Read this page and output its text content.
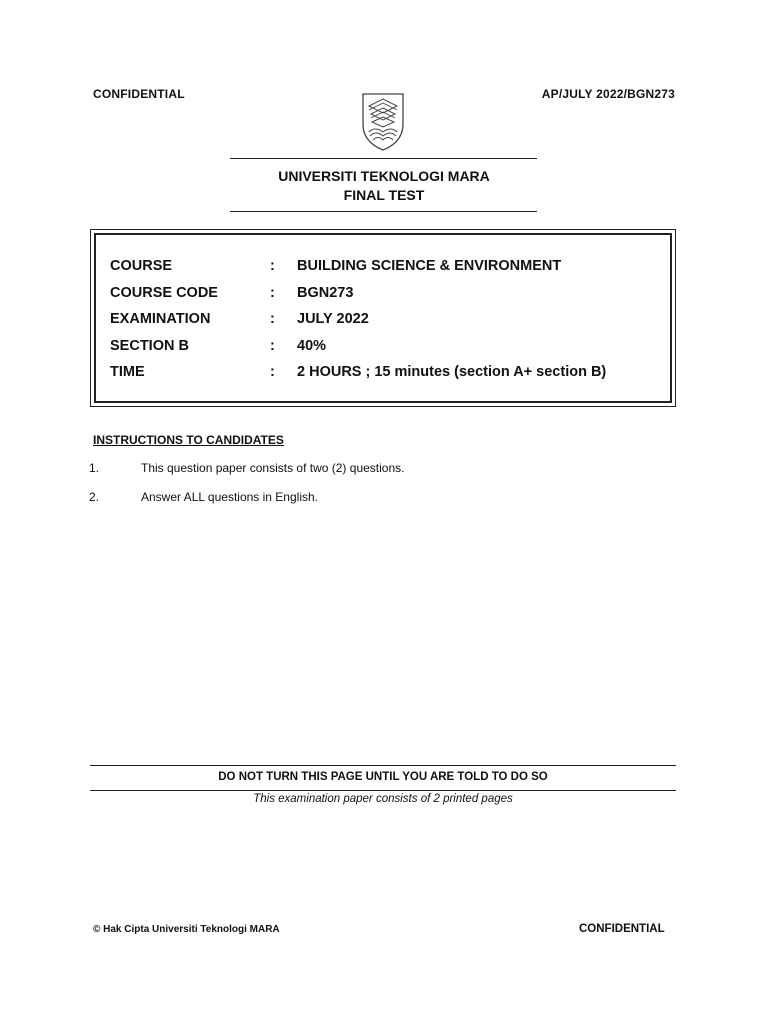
CONFIDENTIAL	AP/JULY 2022/BGN273
UNIVERSITI TEKNOLOGI MARA
FINAL TEST
COURSE	: BUILDING SCIENCE & ENVIRONMENT
COURSE CODE	: BGN273
EXAMINATION	: JULY 2022
SECTION B	: 40%
TIME	: 2 HOURS ; 15 minutes (section A+ section B)
INSTRUCTIONS TO CANDIDATES
1.	This question paper consists of two (2) questions.
2.	Answer ALL questions in English.
DO NOT TURN THIS PAGE UNTIL YOU ARE TOLD TO DO SO
This examination paper consists of 2 printed pages
© Hak Cipta Universiti Teknologi MARA	CONFIDENTIAL
